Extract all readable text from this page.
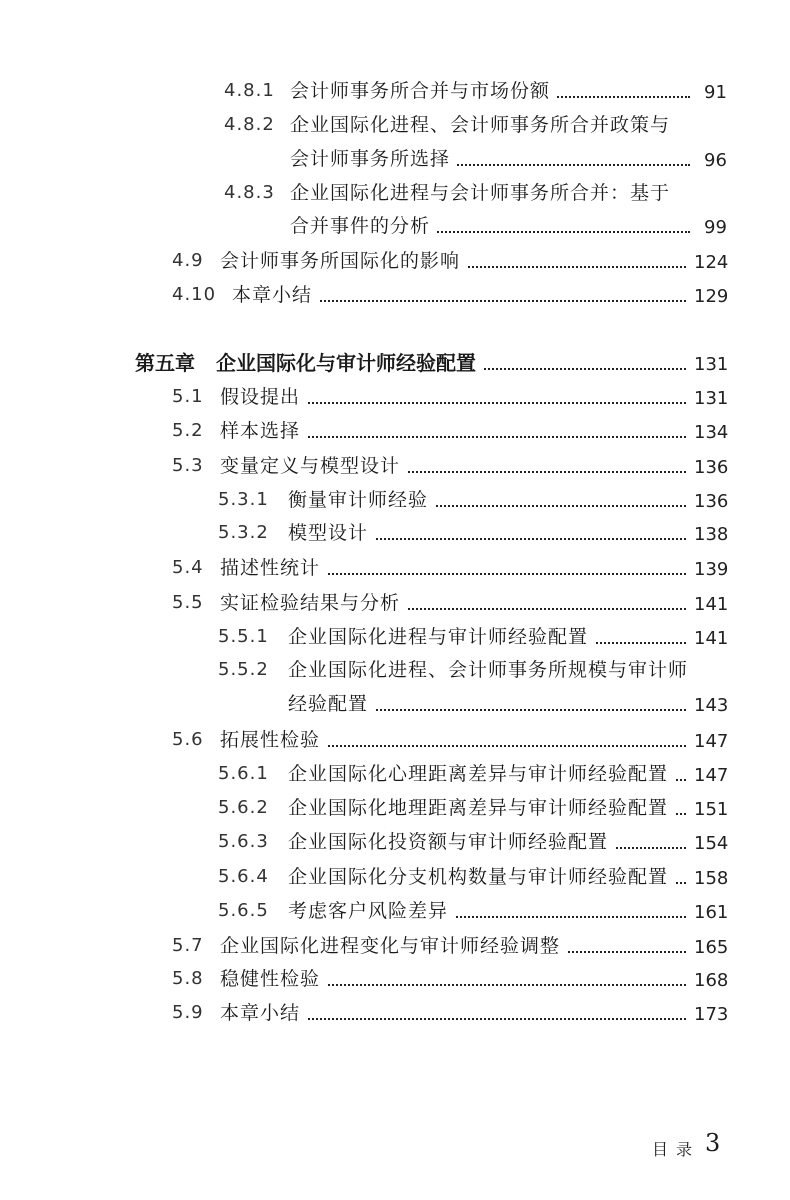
4.8.1 会计师事务所合并与市场份额	91
4.8.2 企业国际化进程、会计师事务所合并政策与
会计师事务所选择	96
4.8.3 企业国际化进程与会计师事务所合并：基于
合并事件的分析	99
4.9 会计师事务所国际化的影响	124
4.10 本章小结	129
第五章 企业国际化与审计师经验配置	131
5.1 假设提出	131
5.2 样本选择	134
5.3 变量定义与模型设计	136
5.3.1 衡量审计师经验	136
5.3.2 模型设计	138
5.4 描述性统计	139
5.5 实证检验结果与分析	141
5.5.1 企业国际化进程与审计师经验配置	141
5.5.2 企业国际化进程、会计师事务所规模与审计师
经验配置	143
5.6 拓展性检验	147
5.6.1 企业国际化心理距离差异与审计师经验配置	147
5.6.2 企业国际化地理距离差异与审计师经验配置	151
5.6.3 企业国际化投资额与审计师经验配置	154
5.6.4 企业国际化分支机构数量与审计师经验配置	158
5.6.5 考虑客户风险差异	161
5.7 企业国际化进程变化与审计师经验调整	165
5.8 稳健性检验	168
5.9 本章小结	173
目录 3
